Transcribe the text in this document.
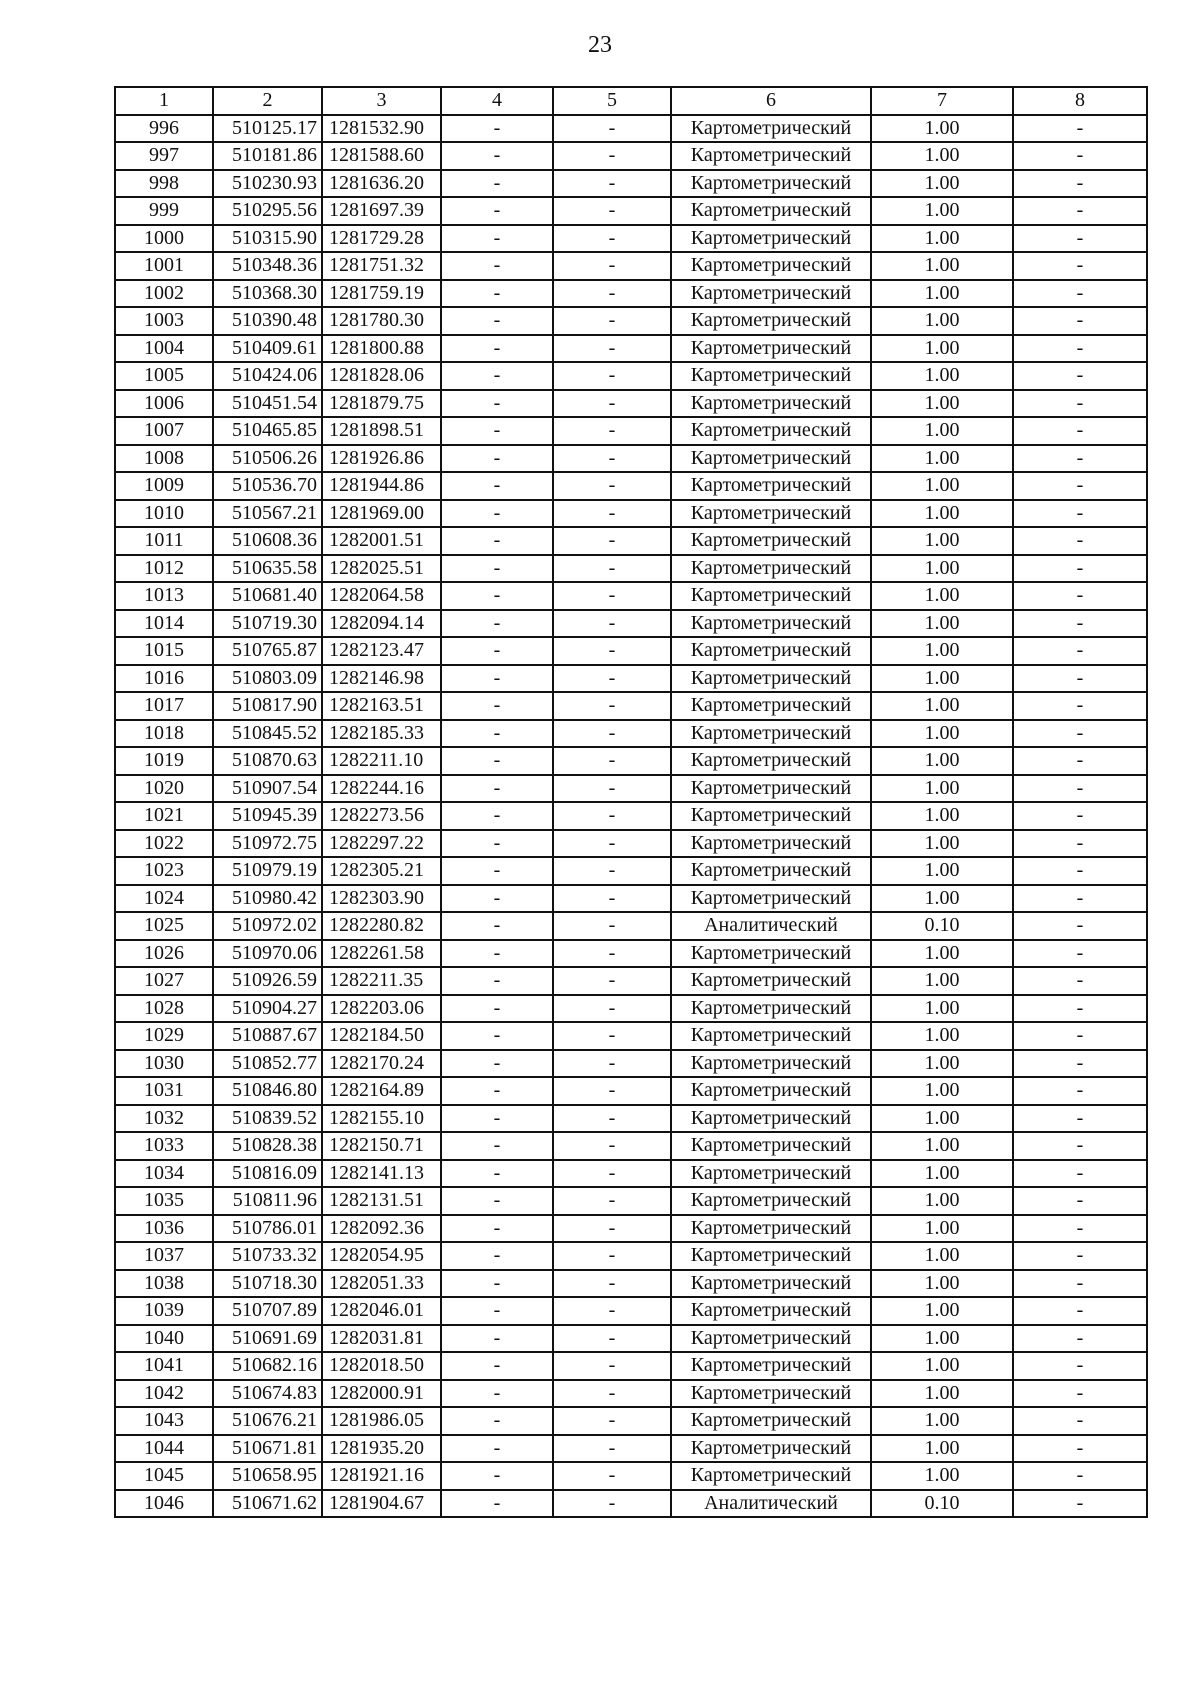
23
1	2	3	4	5	6	7	8
996	510125.17	1281532.90	-	-	Картометрический	1.00	-
997	510181.86	1281588.60	-	-	Картометрический	1.00	-
998	510230.93	1281636.20	-	-	Картометрический	1.00	-
999	510295.56	1281697.39	-	-	Картометрический	1.00	-
1000	510315.90	1281729.28	-	-	Картометрический	1.00	-
1001	510348.36	1281751.32	-	-	Картометрический	1.00	-
1002	510368.30	1281759.19	-	-	Картометрический	1.00	-
1003	510390.48	1281780.30	-	-	Картометрический	1.00	-
1004	510409.61	1281800.88	-	-	Картометрический	1.00	-
1005	510424.06	1281828.06	-	-	Картометрический	1.00	-
1006	510451.54	1281879.75	-	-	Картометрический	1.00	-
1007	510465.85	1281898.51	-	-	Картометрический	1.00	-
1008	510506.26	1281926.86	-	-	Картометрический	1.00	-
1009	510536.70	1281944.86	-	-	Картометрический	1.00	-
1010	510567.21	1281969.00	-	-	Картометрический	1.00	-
1011	510608.36	1282001.51	-	-	Картометрический	1.00	-
1012	510635.58	1282025.51	-	-	Картометрический	1.00	-
1013	510681.40	1282064.58	-	-	Картометрический	1.00	-
1014	510719.30	1282094.14	-	-	Картометрический	1.00	-
1015	510765.87	1282123.47	-	-	Картометрический	1.00	-
1016	510803.09	1282146.98	-	-	Картометрический	1.00	-
1017	510817.90	1282163.51	-	-	Картометрический	1.00	-
1018	510845.52	1282185.33	-	-	Картометрический	1.00	-
1019	510870.63	1282211.10	-	-	Картометрический	1.00	-
1020	510907.54	1282244.16	-	-	Картометрический	1.00	-
1021	510945.39	1282273.56	-	-	Картометрический	1.00	-
1022	510972.75	1282297.22	-	-	Картометрический	1.00	-
1023	510979.19	1282305.21	-	-	Картометрический	1.00	-
1024	510980.42	1282303.90	-	-	Картометрический	1.00	-
1025	510972.02	1282280.82	-	-	Аналитический	0.10	-
1026	510970.06	1282261.58	-	-	Картометрический	1.00	-
1027	510926.59	1282211.35	-	-	Картометрический	1.00	-
1028	510904.27	1282203.06	-	-	Картометрический	1.00	-
1029	510887.67	1282184.50	-	-	Картометрический	1.00	-
1030	510852.77	1282170.24	-	-	Картометрический	1.00	-
1031	510846.80	1282164.89	-	-	Картометрический	1.00	-
1032	510839.52	1282155.10	-	-	Картометрический	1.00	-
1033	510828.38	1282150.71	-	-	Картометрический	1.00	-
1034	510816.09	1282141.13	-	-	Картометрический	1.00	-
1035	510811.96	1282131.51	-	-	Картометрический	1.00	-
1036	510786.01	1282092.36	-	-	Картометрический	1.00	-
1037	510733.32	1282054.95	-	-	Картометрический	1.00	-
1038	510718.30	1282051.33	-	-	Картометрический	1.00	-
1039	510707.89	1282046.01	-	-	Картометрический	1.00	-
1040	510691.69	1282031.81	-	-	Картометрический	1.00	-
1041	510682.16	1282018.50	-	-	Картометрический	1.00	-
1042	510674.83	1282000.91	-	-	Картометрический	1.00	-
1043	510676.21	1281986.05	-	-	Картометрический	1.00	-
1044	510671.81	1281935.20	-	-	Картометрический	1.00	-
1045	510658.95	1281921.16	-	-	Картометрический	1.00	-
1046	510671.62	1281904.67	-	-	Аналитический	0.10	-
